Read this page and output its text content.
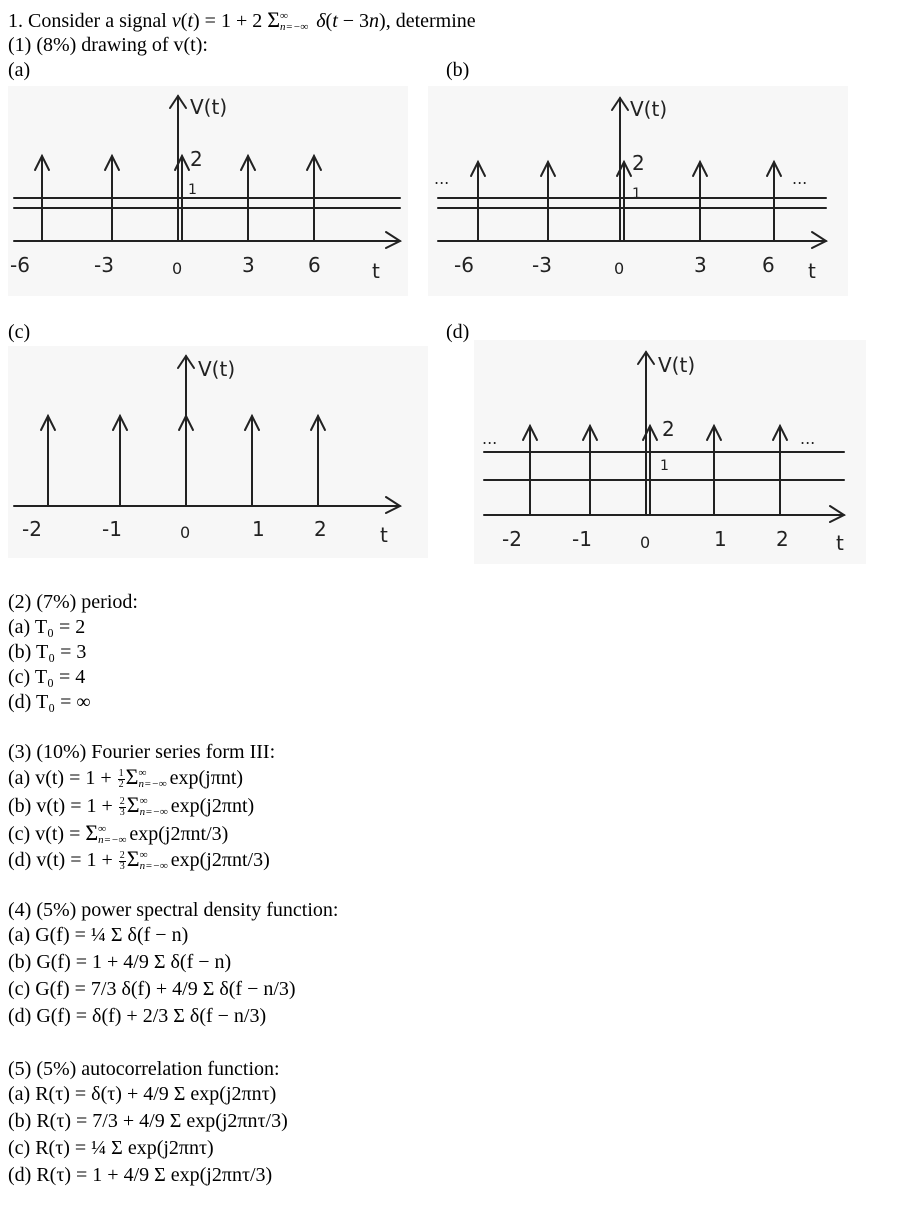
1. Consider a signal v(t) = 1 + 2 Σ ∞
n=−∞ δ(t − 3n), determine
(1) (8%) drawing of v(t):
(a)	(b)
(c)	(d)
V(t)
2
1
-6	-3	0	3	6	t
V(t)
2
1
...	...
-6	-3	0	3	6 t
V(t)
-2	-1	0	1 2	t
V(t)
2
1
...	...
-2	-1	0	1 2 t
(2) (7%) period:
(a) T₀ = 2
(b) T₀ = 3
(c) T₀ = 4
(d) T₀ = ∞
(3) (10%) Fourier series form III:
(a) $v(t) = 1 + \frac{1}{2}$ Σ ∞
n=−∞ exp(jπnt)
(b) $v(t) = 1 + \frac{2}{3}$ Σ ∞
n=−∞ exp(j2πnt)
(c) v(t) = Σ ∞
n=−∞ exp(j2πnt/3)
(d) $v(t) = 1 + \frac{2}{3}$ Σ ∞
n=−∞ exp(j2πnt/3)
(4) (5%) power spectral density function:
(a) G(f) = ¼ Σ δ(f − n)
(b) G(f) = 1 + 4/9 Σ δ(f − n)
(c) G(f) = 7/3 δ(f) + 4/9 Σ δ(f − n/3)
(d) G(f) = δ(f) + 2/3 Σ δ(f − n/3)
(5) (5%) autocorrelation function:
(a) R(τ) = δ(τ) + 4/9 Σ exp(j2πnτ)
(b) R(τ) = 7/3 + 4/9 Σ exp(j2πnτ/3)
(c) R(τ) = ¼ Σ exp(j2πnτ)
(d) R(τ) = 1 + 4/9 Σ exp(j2πnτ/3)
